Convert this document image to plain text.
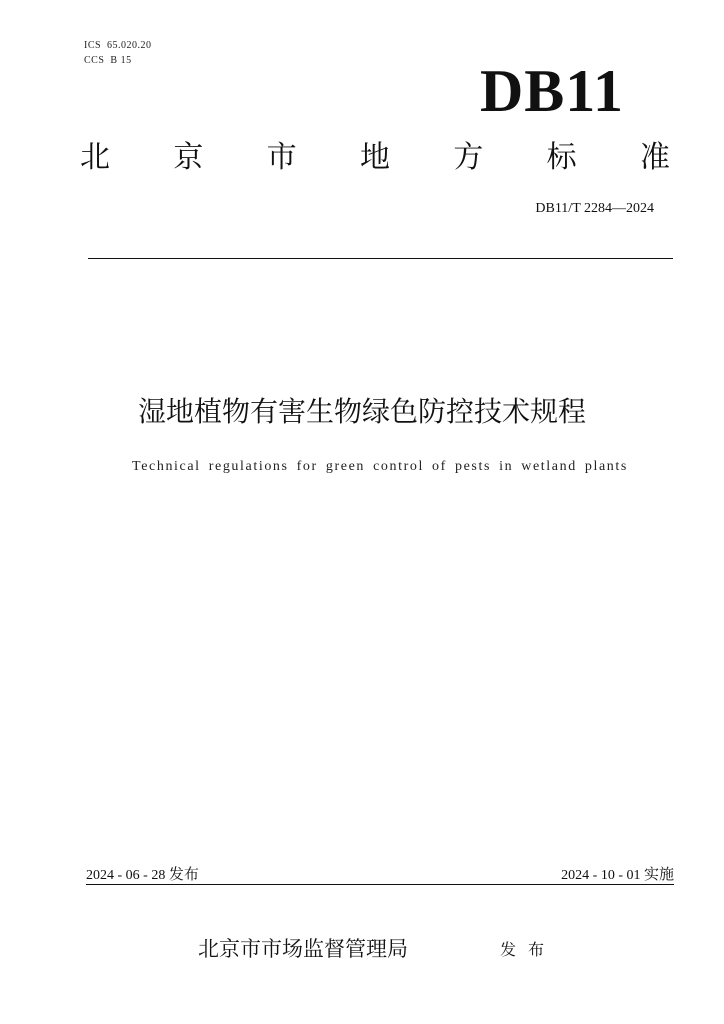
ICS  65.020.20
CCS  B 15	DB11
北 京 市 地 方 标 准
DB11/T 2284—2024
湿地植物有害生物绿色防控技术规程
Technical regulations for green control of pests in wetland plants
2024 - 06 - 28 发布	2024 - 10 - 01 实施
北京市市场监督管理局	发布
